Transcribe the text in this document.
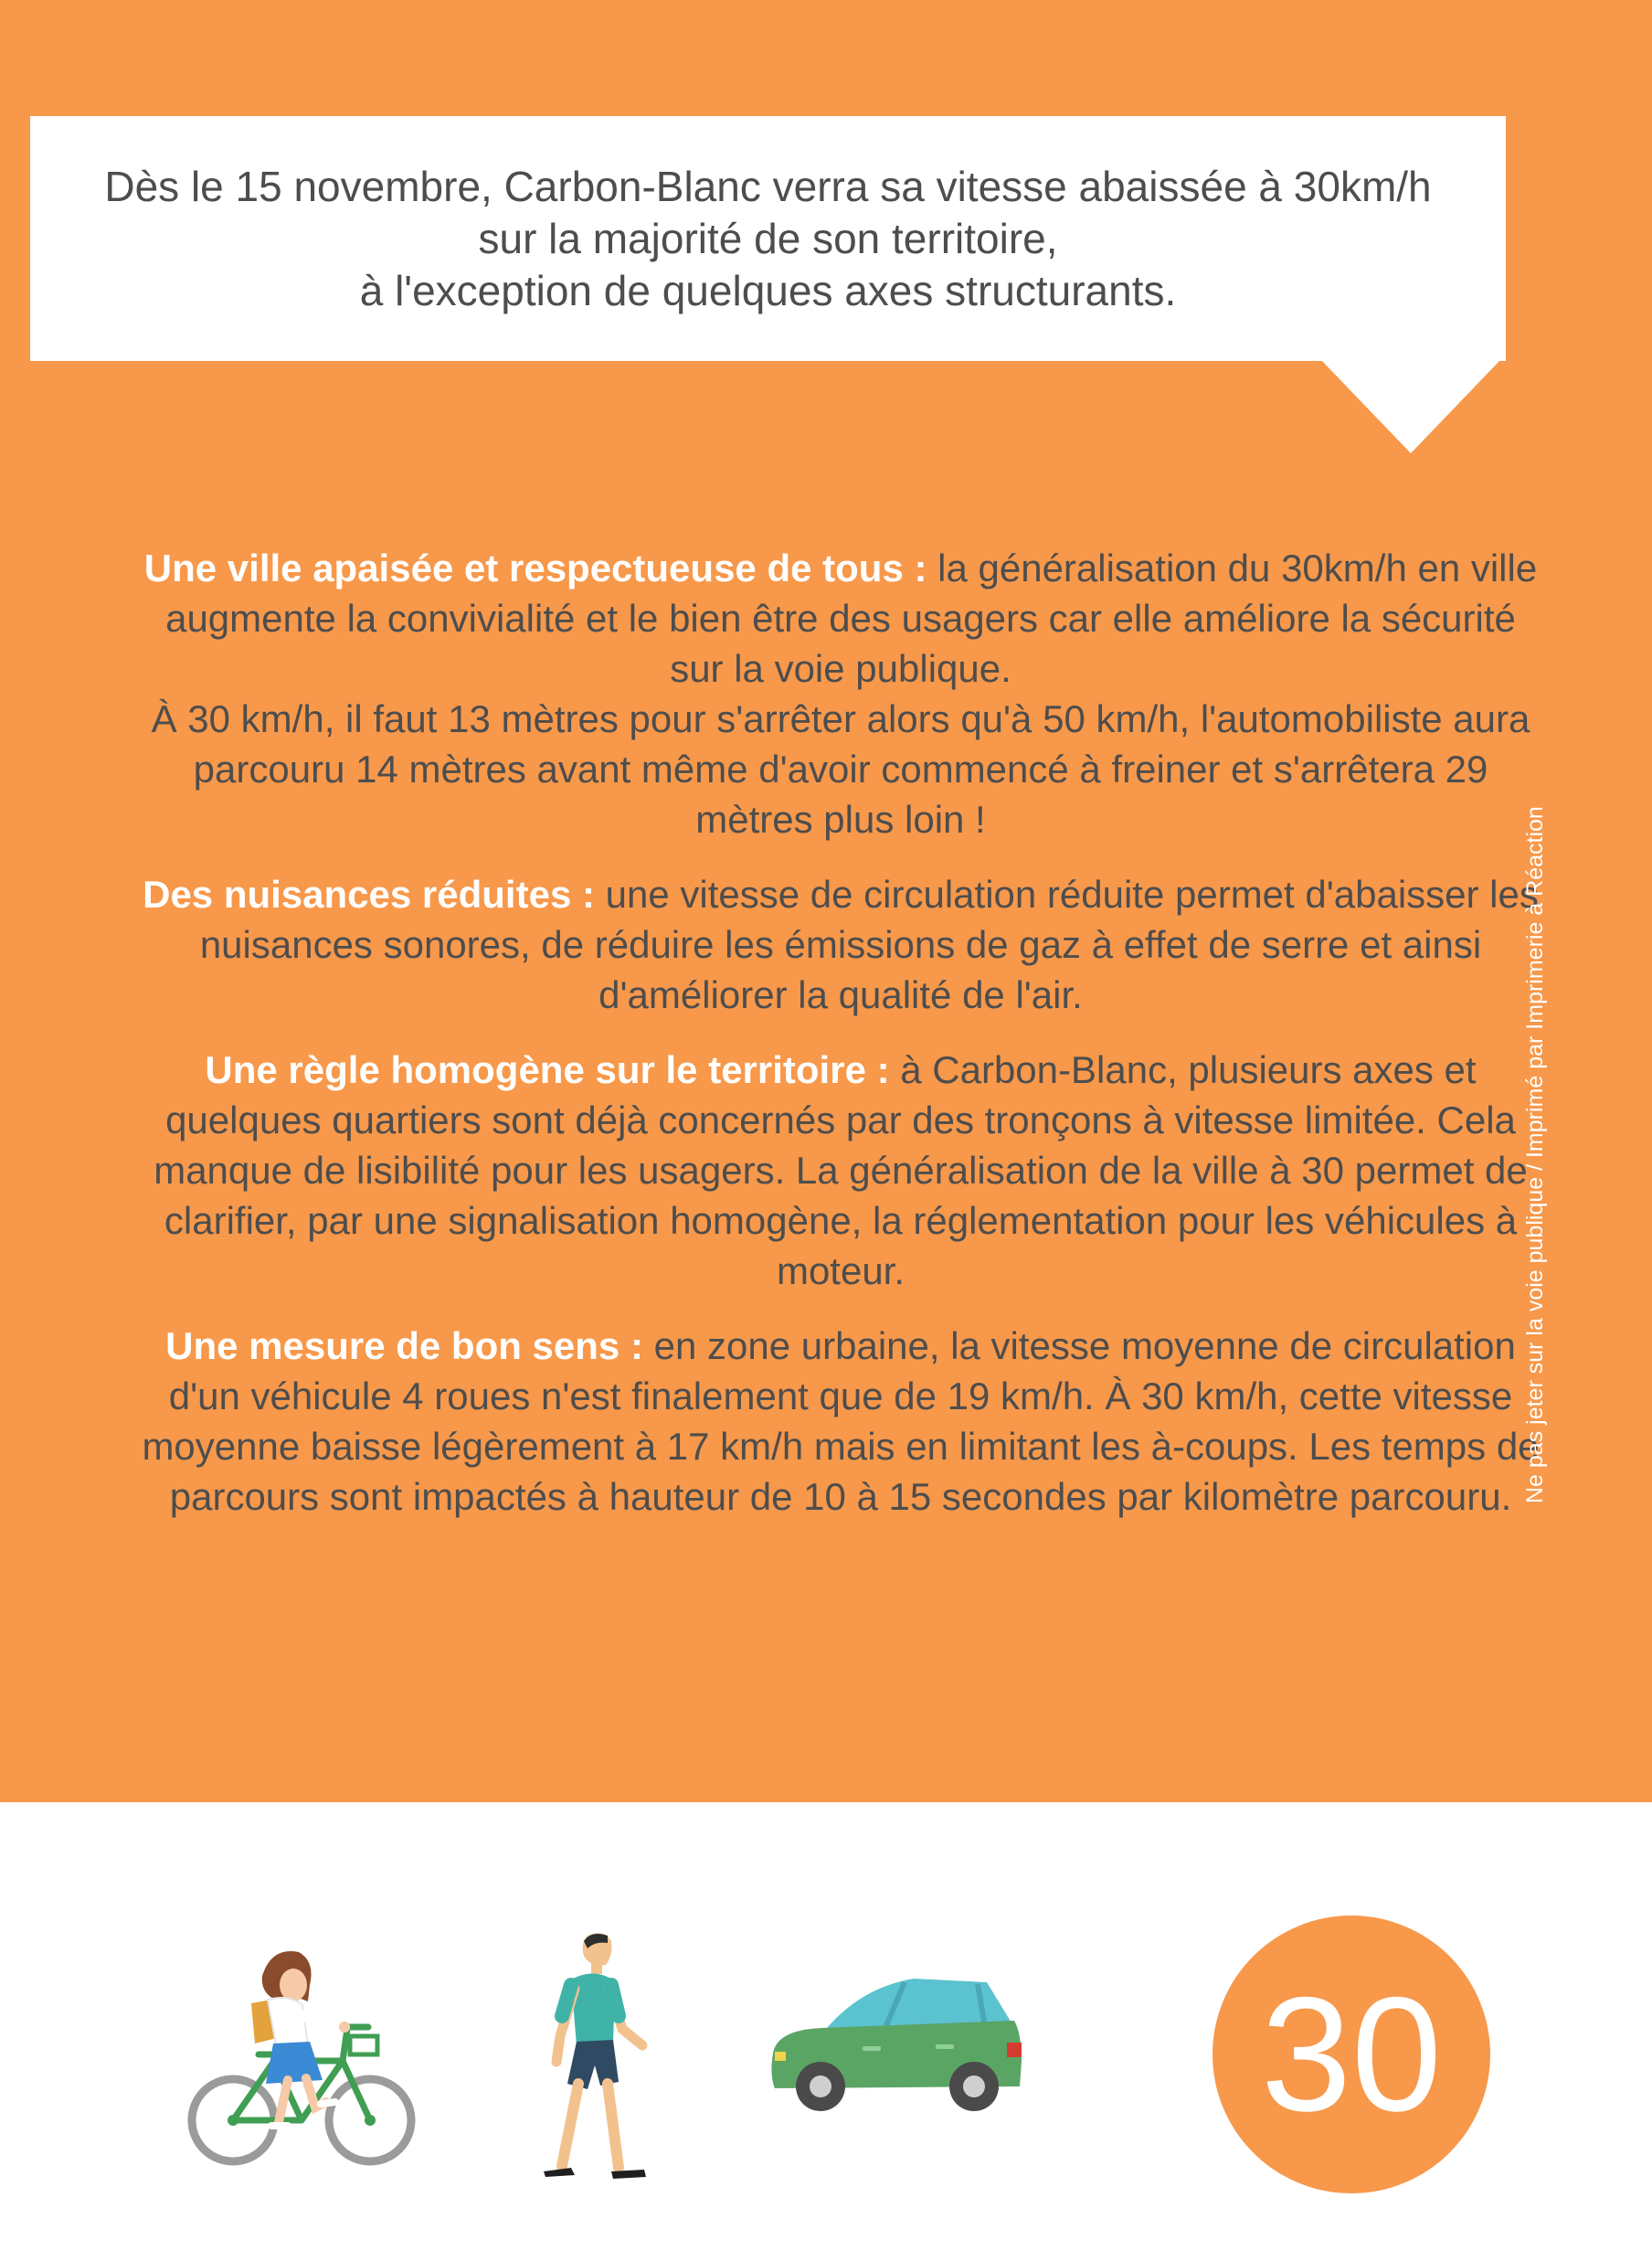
Dès le 15 novembre, Carbon-Blanc verra sa vitesse abaissée à 30km/h
sur la majorité de son territoire,
à l'exception de quelques axes structurants.

Une ville apaisée et respectueuse de tous : la généralisation du 30km/h en ville augmente la convivialité et le bien être des usagers car elle améliore la sécurité sur la voie publique.
À 30 km/h, il faut 13 mètres pour s'arrêter alors qu'à 50 km/h, l'automobiliste aura parcouru 14 mètres avant même d'avoir commencé à freiner et s'arrêtera 29 mètres plus loin !

Des nuisances réduites : une vitesse de circulation réduite permet d'abaisser les nuisances sonores, de réduire les émissions de gaz à effet de serre et ainsi d'améliorer la qualité de l'air.

Une règle homogène sur le territoire : à Carbon-Blanc, plusieurs axes et quelques quartiers sont déjà concernés par des tronçons à vitesse limitée. Cela manque de lisibilité pour les usagers. La généralisation de la ville à 30 permet de clarifier, par une signalisation homogène, la réglementation pour les véhicules à moteur.

Une mesure de bon sens : en zone urbaine, la vitesse moyenne de circulation d'un véhicule 4 roues n'est finalement que de 19 km/h. À 30 km/h, cette vitesse moyenne baisse légèrement à 17 km/h mais en limitant les à-coups. Les temps de parcours sont impactés à hauteur de 10 à 15 secondes par kilomètre parcouru. Ne pas jeter sur la voie publique / Imprimé par Imprimerie à Réaction
30
